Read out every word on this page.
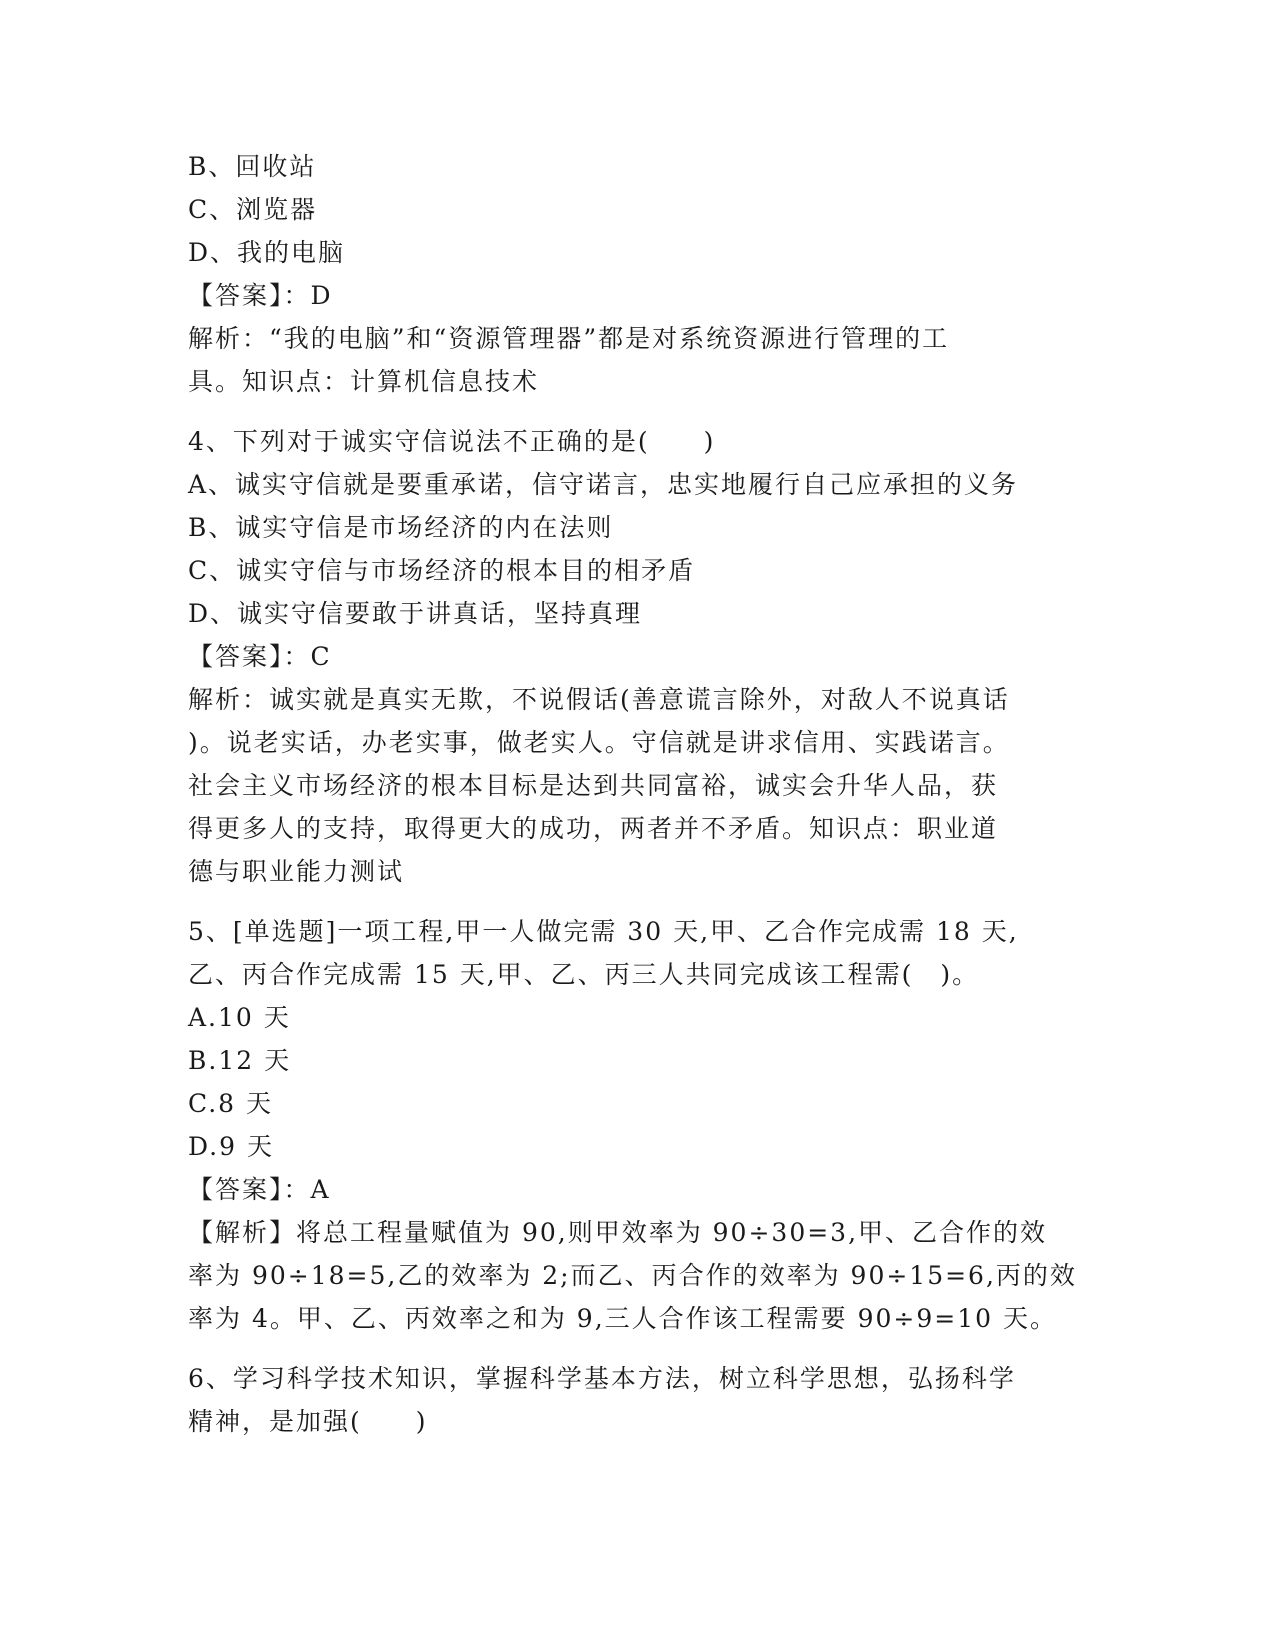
B、回收站
C、浏览器
D、我的电脑
【答案】：D
解析：“我的电脑”和“资源管理器”都是对系统资源进行管理的工
具。知识点：计算机信息技术
4、下列对于诚实守信说法不正确的是(　　)
A、诚实守信就是要重承诺，信守诺言，忠实地履行自己应承担的义务
B、诚实守信是市场经济的内在法则
C、诚实守信与市场经济的根本目的相矛盾
D、诚实守信要敢于讲真话，坚持真理
【答案】：C
解析：诚实就是真实无欺，不说假话(善意谎言除外，对敌人不说真话
)。说老实话，办老实事，做老实人。守信就是讲求信用、实践诺言。
社会主义市场经济的根本目标是达到共同富裕，诚实会升华人品，获
得更多人的支持，取得更大的成功，两者并不矛盾。知识点：职业道
德与职业能力测试
5、[单选题]一项工程,甲一人做完需 30 天,甲、乙合作完成需 18 天,
乙、丙合作完成需 15 天,甲、乙、丙三人共同完成该工程需(　)。
A.10 天
B.12 天
C.8 天
D.9 天
【答案】：A
【解析】将总工程量赋值为 90,则甲效率为 90÷30=3,甲、乙合作的效
率为 90÷18=5,乙的效率为 2;而乙、丙合作的效率为 90÷15=6,丙的效
率为 4。甲、乙、丙效率之和为 9,三人合作该工程需要 90÷9=10 天。
6、学习科学技术知识，掌握科学基本方法，树立科学思想，弘扬科学
精神，是加强(　　)
